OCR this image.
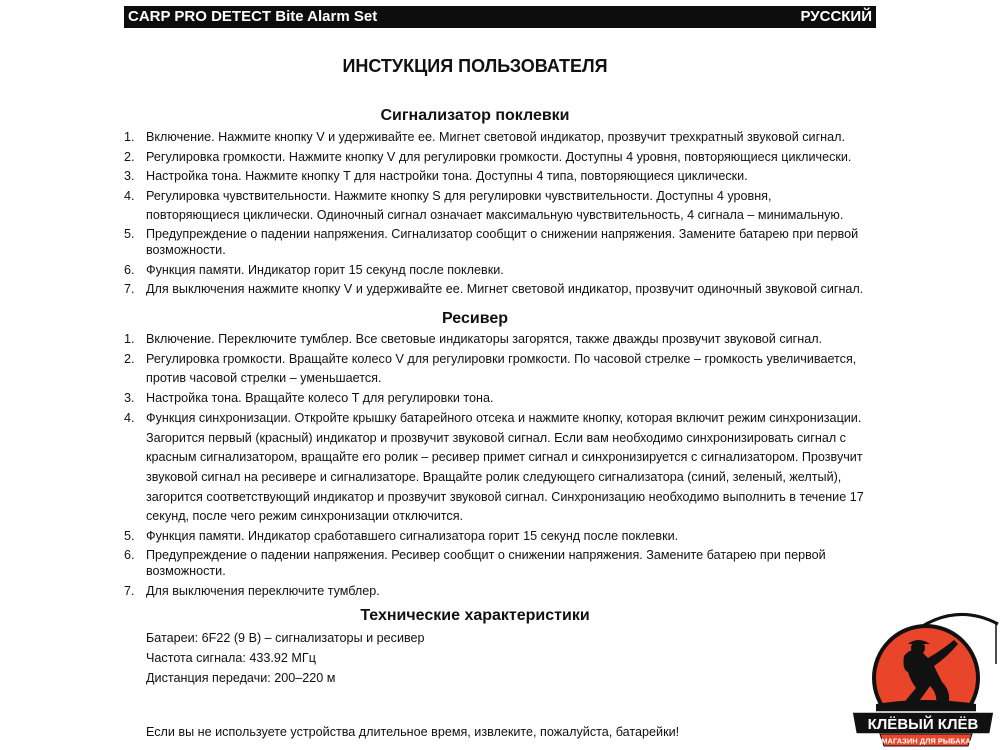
CARP PRO DETECT Bite Alarm Set	РУССКИЙ
ИНСТУКЦИЯ ПОЛЬЗОВАТЕЛЯ
Сигнализатор поклевки
1. Включение. Нажмите кнопку V и удерживайте ее. Мигнет световой индикатор, прозвучит трехкратный звуковой сигнал.
2. Регулировка громкости. Нажмите кнопку V для регулировки громкости. Доступны 4 уровня, повторяющиеся циклически.
3. Настройка тона. Нажмите кнопку T для настройки тона. Доступны 4 типа, повторяющиеся циклически.
4. Регулировка чувствительности. Нажмите кнопку S для регулировки чувствительности. Доступны 4 уровня, повторяющиеся циклически. Одиночный сигнал означает максимальную чувствительность, 4 сигнала – минимальную.
5. Предупреждение о падении напряжения. Сигнализатор сообщит о снижении напряжения. Замените батарею при первой возможности.
6. Функция памяти. Индикатор горит 15 секунд после поклевки.
7. Для выключения нажмите кнопку V и удерживайте ее. Мигнет световой индикатор, прозвучит одиночный звуковой сигнал.
Ресивер
1. Включение. Переключите тумблер. Все световые индикаторы загорятся, также дважды прозвучит звуковой сигнал.
2. Регулировка громкости. Вращайте колесо V для регулировки громкости. По часовой стрелке – громкость увеличивается, против часовой стрелки – уменьшается.
3. Настройка тона. Вращайте колесо T для регулировки тона.
4. Функция синхронизации. Откройте крышку батарейного отсека и нажмите кнопку, которая включит режим синхронизации. Загорится первый (красный) индикатор и прозвучит звуковой сигнал. Если вам необходимо синхронизировать сигнал с красным сигнализатором, вращайте его ролик – ресивер примет сигнал и синхронизируется с сигнализатором. Прозвучит звуковой сигнал на ресивере и сигнализаторе. Вращайте ролик следующего сигнализатора (синий, зеленый, желтый), загорится соответствующий индикатор и прозвучит звуковой сигнал. Синхронизацию необходимо выполнить в течение 17 секунд, после чего режим синхронизации отключится.
5. Функция памяти. Индикатор сработавшего сигнализатора горит 15 секунд после поклевки.
6. Предупреждение о падении напряжения. Ресивер сообщит о снижении напряжения. Замените батарею при первой возможности.
7. Для выключения переключите тумблер.
Технические характеристики

Батареи: 6F22 (9 В) – сигнализаторы и ресивер

Частота сигнала: 433.92 МГц

Дистанция передачи: 200–220 м

Если вы не используете устройства длительное время, извлеките, пожалуйста, батарейки!	КЛЁВЫЙ КЛЁВ
МАГАЗИН ДЛЯ РЫБАКА
